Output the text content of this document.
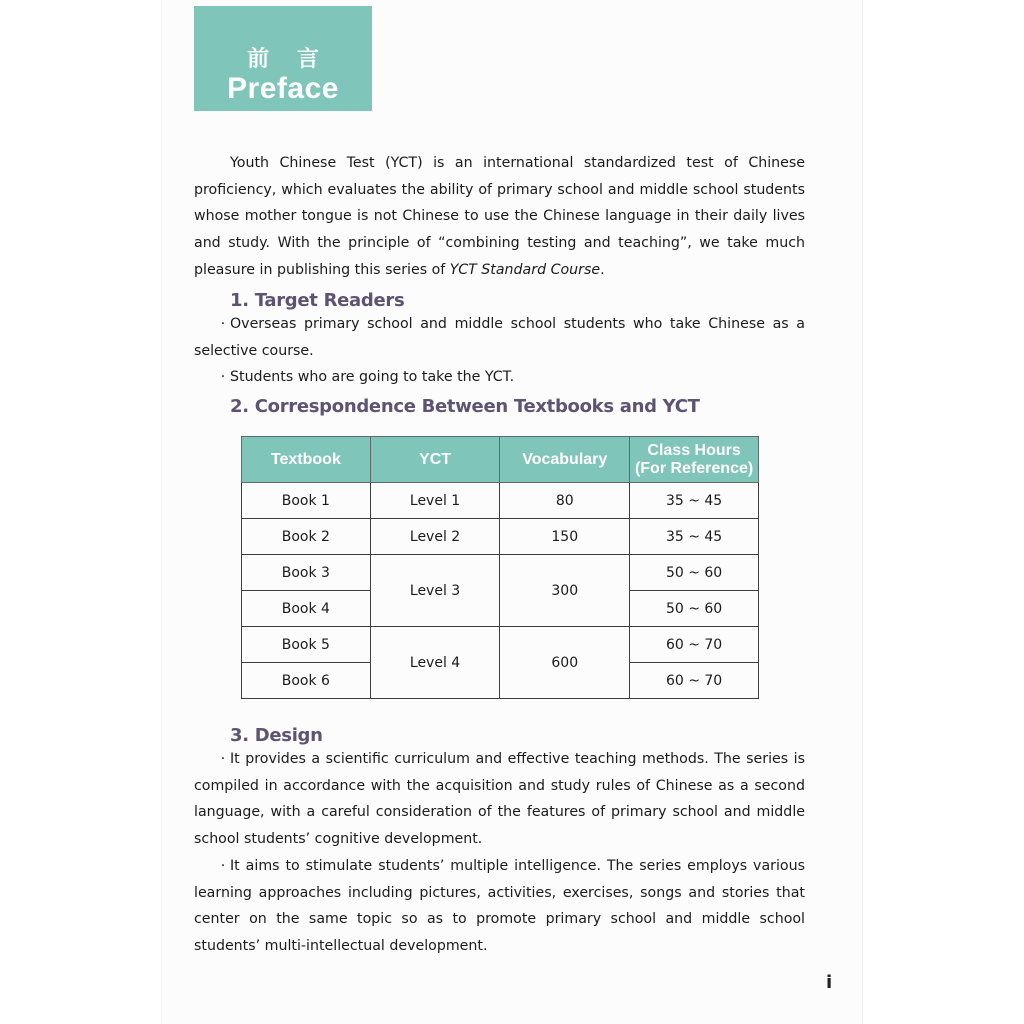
前 言
Preface
Youth Chinese Test (YCT) is an international standardized test of Chinese proficiency, which evaluates the ability of primary school and middle school students whose mother tongue is not Chinese to use the Chinese language in their daily lives and study. With the principle of “combining testing and teaching”, we take much pleasure in publishing this series of YCT Standard Course.
1. Target Readers
· Overseas primary school and middle school students who take Chinese as a selective course.
· Students who are going to take the YCT.
2. Correspondence Between Textbooks and YCT
Textbook	YCT	Vocabulary	Class Hours
(For Reference)
Book 1	Level 1	80	35 ~ 45
Book 2	Level 2	150	35 ~ 45
Book 3	Level 3	300	50 ~ 60
Book 4			50 ~ 60
Book 5	Level 4	600	60 ~ 70
Book 6			60 ~ 70
3. Design
· It provides a scientific curriculum and effective teaching methods. The series is compiled in accordance with the acquisition and study rules of Chinese as a second language, with a careful consideration of the features of primary school and middle school students’ cognitive development.
· It aims to stimulate students’ multiple intelligence. The series employs various learning approaches including pictures, activities, exercises, songs and stories that center on the same topic so as to promote primary school and middle school students’ multi-intellectual development.
i
